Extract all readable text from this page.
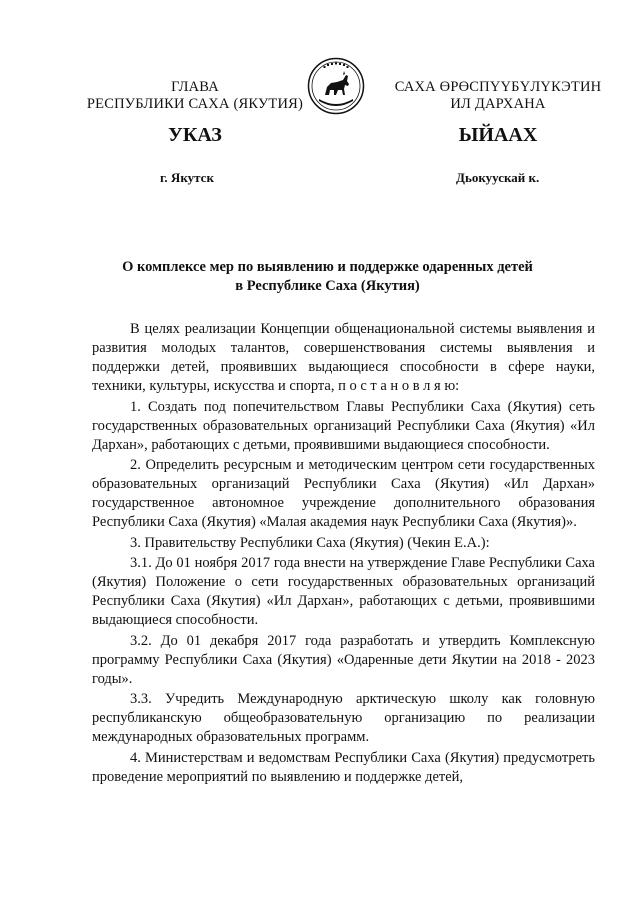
ГЛАВА
РЕСПУБЛИКИ САХА (ЯКУТИЯ)
САХА ӨРӨСПҮҮБҮЛҮКЭТИН
ИЛ ДАРХАНА
УКАЗ	ЫЙААХ
г. Якутск	Дьокуускай к.
О комплексе мер по выявлению и поддержке одаренных детей
в Республике Саха (Якутия)

В целях реализации Концепции общенациональной системы выявления и развития молодых талантов, совершенствования системы выявления и поддержки детей, проявивших выдающиеся способности в сфере науки, техники, культуры, искусства и спорта, п о с т а н о в л я ю:

1. Создать под попечительством Главы Республики Саха (Якутия) сеть государственных образовательных организаций Республики Саха (Якутия) «Ил Дархан», работающих с детьми, проявившими выдающиеся способности.

2. Определить ресурсным и методическим центром сети государственных образовательных организаций Республики Саха (Якутия) «Ил Дархан» государственное автономное учреждение дополнительного образования Республики Саха (Якутия) «Малая академия наук Республики Саха (Якутия)».

3. Правительству Республики Саха (Якутия) (Чекин Е.А.):

3.1. До 01 ноября 2017 года внести на утверждение Главе Республики Саха (Якутия) Положение о сети государственных образовательных организаций Республики Саха (Якутия) «Ил Дархан», работающих с детьми, проявившими выдающиеся способности.

3.2. До 01 декабря 2017 года разработать и утвердить Комплексную программу Республики Саха (Якутия) «Одаренные дети Якутии на 2018 - 2023 годы».

3.3. Учредить Международную арктическую школу как головную республиканскую общеобразовательную организацию по реализации международных образовательных программ.

4. Министерствам и ведомствам Республики Саха (Якутия) предусмотреть проведение мероприятий по выявлению и поддержке детей,
